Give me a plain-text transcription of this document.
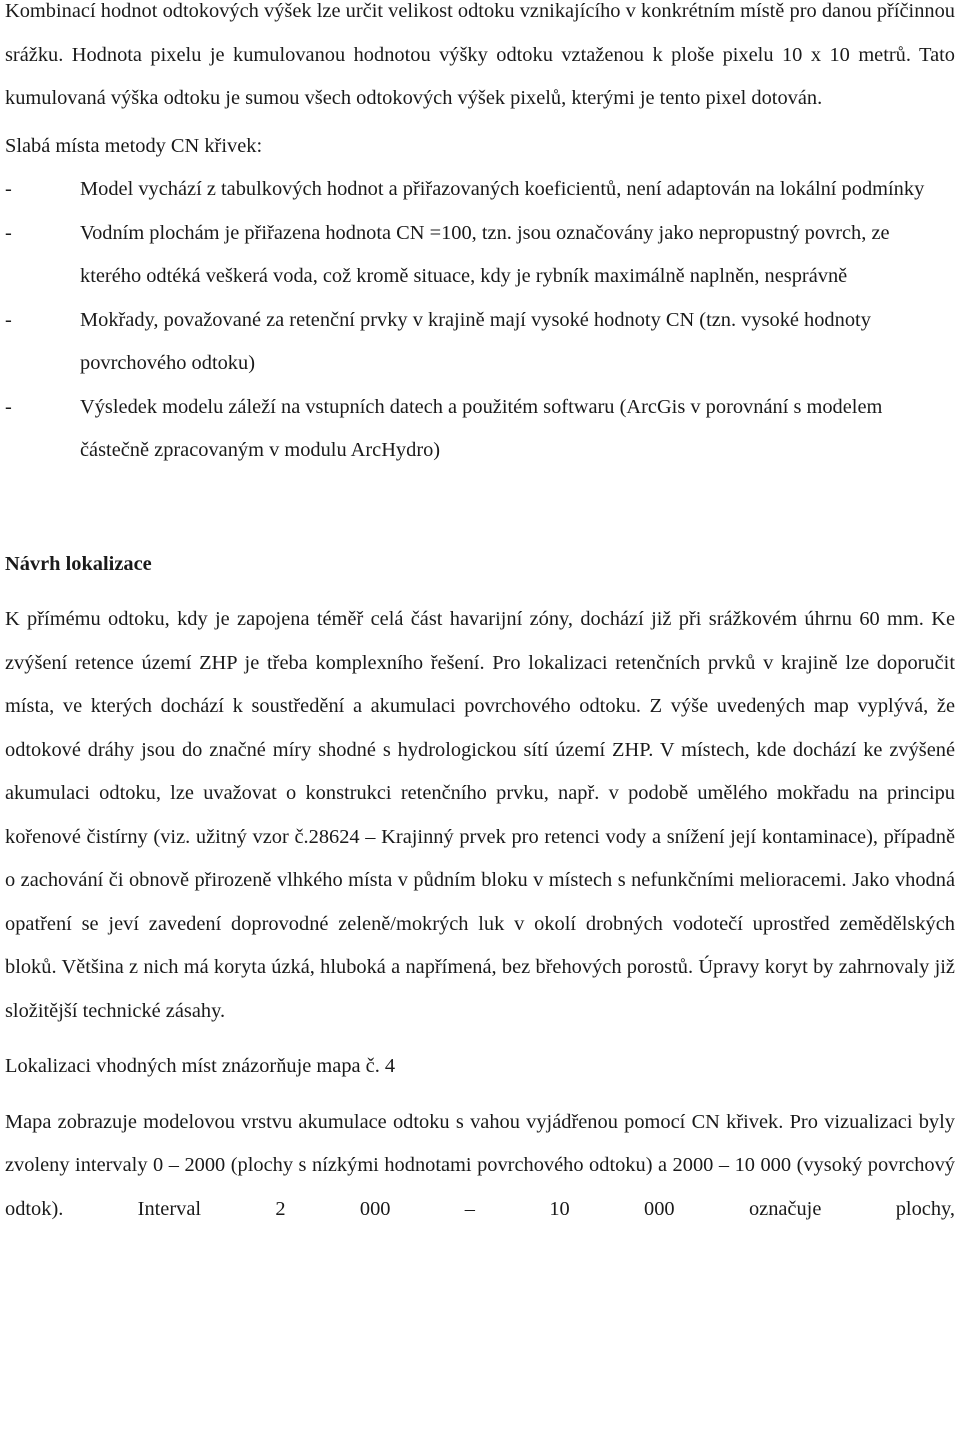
Kombinací hodnot odtokových výšek lze určit velikost odtoku vznikajícího v konkrétním místě pro danou příčinnou srážku. Hodnota pixelu je kumulovanou hodnotou výšky odtoku vztaženou k ploše pixelu 10 x 10 metrů. Tato kumulovaná výška odtoku je sumou všech odtokových výšek pixelů, kterými je tento pixel dotován.

Slabá místa metody CN křivek:

-	Model vychází z tabulkových hodnot a přiřazovaných koeficientů, není adaptován na lokální podmínky
-	Vodním plochám je přiřazena hodnota CN =100, tzn. jsou označovány jako nepropustný povrch, ze kterého odtéká veškerá voda, což kromě situace, kdy je rybník maximálně naplněn, nesprávně
-	Mokřady, považované za retenční prvky v krajině mají vysoké hodnoty CN (tzn. vysoké hodnoty povrchového odtoku)
-	Výsledek modelu záleží na vstupních datech a použitém softwaru (ArcGis v porovnání s modelem částečně zpracovaným v modulu ArcHydro)
Návrh lokalizace

K přímému odtoku, kdy je zapojena téměř celá část havarijní zóny, dochází již při srážkovém úhrnu 60 mm. Ke zvýšení retence území ZHP je třeba komplexního řešení. Pro lokalizaci retenčních prvků v krajině lze doporučit místa, ve kterých dochází k soustředění a akumulaci povrchového odtoku. Z výše uvedených map vyplývá, že odtokové dráhy jsou do značné míry shodné s hydrologickou sítí území ZHP. V místech, kde dochází ke zvýšené akumulaci odtoku, lze uvažovat o konstrukci retenčního prvku, např. v podobě umělého mokřadu na principu kořenové čistírny (viz. užitný vzor č.28624 – Krajinný prvek pro retenci vody a snížení její kontaminace), případně o zachování či obnově přirozeně vlhkého místa v půdním bloku v místech s nefunkčními melioracemi. Jako vhodná opatření se jeví zavedení doprovodné zeleně/mokrých luk v okolí drobných vodotečí uprostřed zemědělských bloků. Většina z nich má koryta úzká, hluboká a napřímená, bez břehových porostů. Úpravy koryt by zahrnovaly již složitější technické zásahy.

Lokalizaci vhodných míst znázorňuje mapa č. 4

Mapa zobrazuje modelovou vrstvu akumulace odtoku s vahou vyjádřenou pomocí CN křivek. Pro vizualizaci byly zvoleny intervaly 0 – 2000 (plochy s nízkými hodnotami povrchového odtoku) a 2000 – 10 000 (vysoký povrchový odtok). Interval 2 000 – 10 000 označuje plochy,
